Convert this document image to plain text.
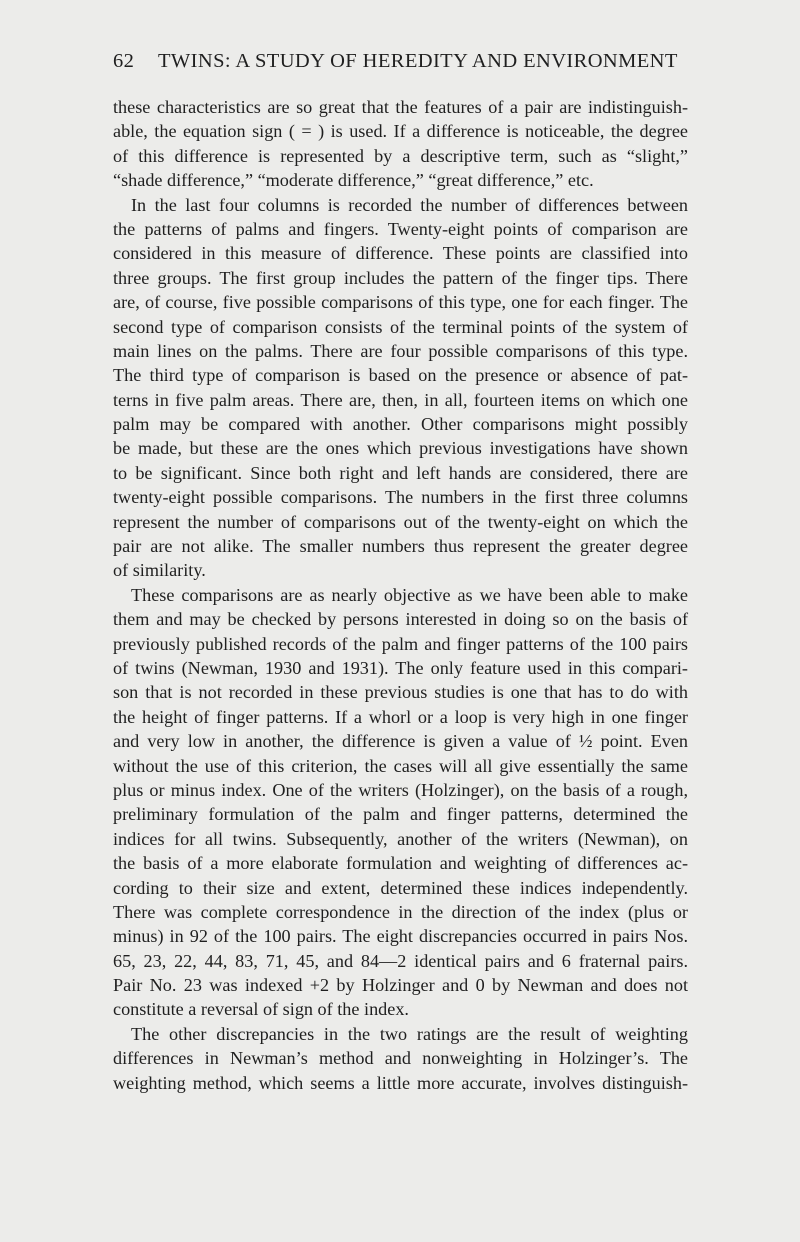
62 TWINS: A STUDY OF HEREDITY AND ENVIRONMENT
these characteristics are so great that the features of a pair are indistinguish-
able, the equation sign ( = ) is used. If a difference is noticeable, the degree
of this difference is represented by a descriptive term, such as “slight,”
“shade difference,” “moderate difference,” “great difference,” etc.
In the last four columns is recorded the number of differences between
the patterns of palms and fingers. Twenty-eight points of comparison are
considered in this measure of difference. These points are classified into
three groups. The first group includes the pattern of the finger tips. There
are, of course, five possible comparisons of this type, one for each finger. The
second type of comparison consists of the terminal points of the system of
main lines on the palms. There are four possible comparisons of this type.
The third type of comparison is based on the presence or absence of pat-
terns in five palm areas. There are, then, in all, fourteen items on which one
palm may be compared with another. Other comparisons might possibly
be made, but these are the ones which previous investigations have shown
to be significant. Since both right and left hands are considered, there are
twenty-eight possible comparisons. The numbers in the first three columns
represent the number of comparisons out of the twenty-eight on which the
pair are not alike. The smaller numbers thus represent the greater degree
of similarity.
These comparisons are as nearly objective as we have been able to make
them and may be checked by persons interested in doing so on the basis of
previously published records of the palm and finger patterns of the 100 pairs
of twins (Newman, 1930 and 1931). The only feature used in this compari-
son that is not recorded in these previous studies is one that has to do with
the height of finger patterns. If a whorl or a loop is very high in one finger
and very low in another, the difference is given a value of ½ point. Even
without the use of this criterion, the cases will all give essentially the same
plus or minus index. One of the writers (Holzinger), on the basis of a rough,
preliminary formulation of the palm and finger patterns, determined the
indices for all twins. Subsequently, another of the writers (Newman), on
the basis of a more elaborate formulation and weighting of differences ac-
cording to their size and extent, determined these indices independently.
There was complete correspondence in the direction of the index (plus or
minus) in 92 of the 100 pairs. The eight discrepancies occurred in pairs Nos.
65, 23, 22, 44, 83, 71, 45, and 84—2 identical pairs and 6 fraternal pairs.
Pair No. 23 was indexed +2 by Holzinger and 0 by Newman and does not
constitute a reversal of sign of the index.
The other discrepancies in the two ratings are the result of weighting
differences in Newman’s method and nonweighting in Holzinger’s. The
weighting method, which seems a little more accurate, involves distinguish-
